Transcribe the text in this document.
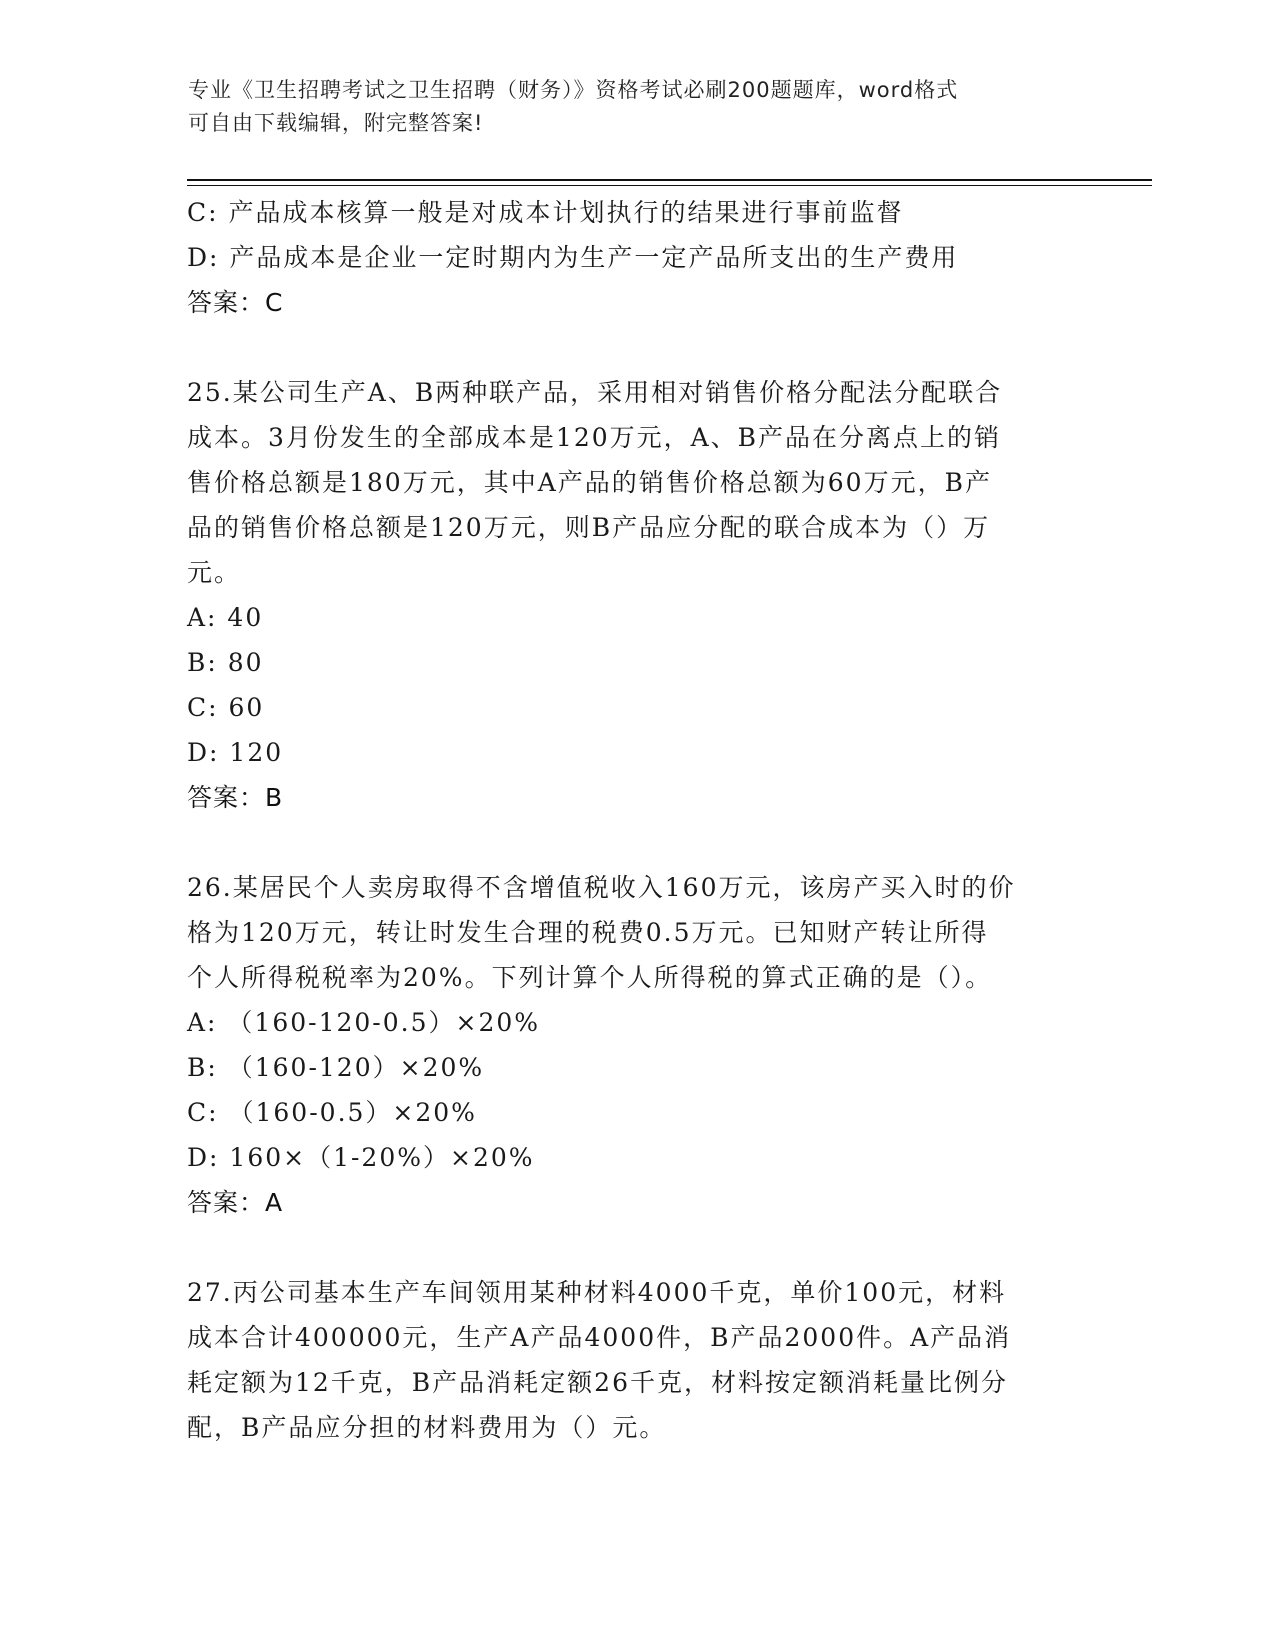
专业《卫生招聘考试之卫生招聘（财务）》资格考试必刷200题题库，word格式
可自由下载编辑，附完整答案!
C: 产品成本核算一般是对成本计划执行的结果进行事前监督
D: 产品成本是企业一定时期内为生产一定产品所支出的生产费用
答案：C
25.某公司生产A、B两种联产品，采用相对销售价格分配法分配联合
成本。3月份发生的全部成本是120万元，A、B产品在分离点上的销
售价格总额是180万元，其中A产品的销售价格总额为60万元，B产
品的销售价格总额是120万元，则B产品应分配的联合成本为（）万
元。
A: 40
B: 80
C: 60
D: 120
答案：B
26.某居民个人卖房取得不含增值税收入160万元，该房产买入时的价
格为120万元，转让时发生合理的税费0.5万元。已知财产转让所得
个人所得税税率为20%。下列计算个人所得税的算式正确的是（）。
A: （160-120-0.5）×20%
B: （160-120）×20%
C: （160-0.5）×20%
D: 160×（1-20%）×20%
答案：A
27.丙公司基本生产车间领用某种材料4000千克，单价100元，材料
成本合计400000元，生产A产品4000件，B产品2000件。A产品消
耗定额为12千克，B产品消耗定额26千克，材料按定额消耗量比例分
配，B产品应分担的材料费用为（）元。
